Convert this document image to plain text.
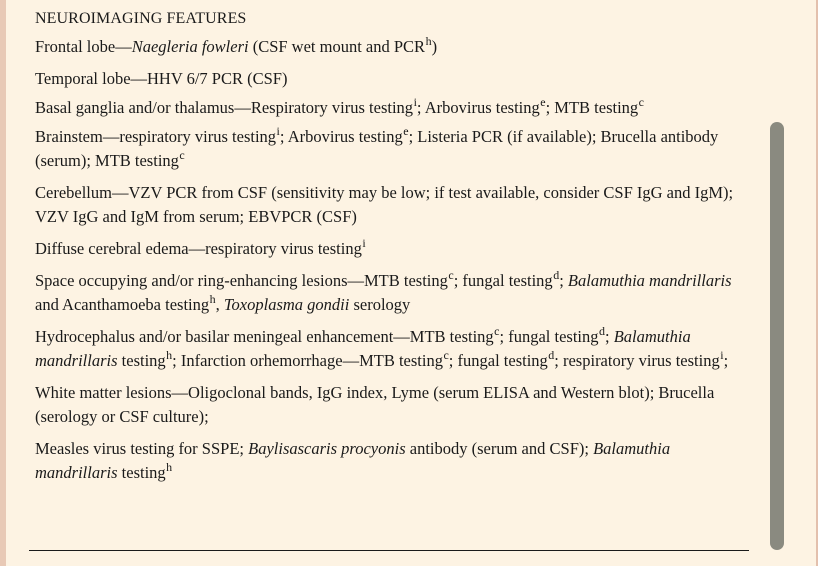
NEUROIMAGING FEATURES
Frontal lobe—Naegleria fowleri (CSF wet mount and PCR$^h$)
Temporal lobe—HHV 6/7 PCR (CSF)
Basal ganglia and/or thalamus—Respiratory virus testing$^i$; Arbovirus testing$^e$; MTB testing$^c$
Brainstem—respiratory virus testing$^i$; Arbovirus testing$^e$; Listeria PCR (if available); Brucella antibody (serum); MTB testing$^c$
Cerebellum—VZV PCR from CSF (sensitivity may be low; if test available, consider CSF IgG and IgM); VZV IgG and IgM from serum; EBVPCR (CSF)
Diffuse cerebral edema—respiratory virus testing$^i$
Space occupying and/or ring-enhancing lesions—MTB testing$^c$; fungal testing$^d$; Balamuthia mandrillaris and Acanthamoeba testing$^h$, Toxoplasma gondii serology
Hydrocephalus and/or basilar meningeal enhancement—MTB testing$^c$; fungal testing$^d$; Balamuthia mandrillaris testing$^h$; Infarction orhemorrhage—MTB testing$^c$; fungal testing$^d$; respiratory virus testing$^i$;
White matter lesions—Oligoclonal bands, IgG index, Lyme (serum ELISA and Western blot); Brucella (serology or CSF culture);
Measles virus testing for SSPE; Baylisascaris procyonis antibody (serum and CSF); Balamuthia mandrillaris testing$^h$
